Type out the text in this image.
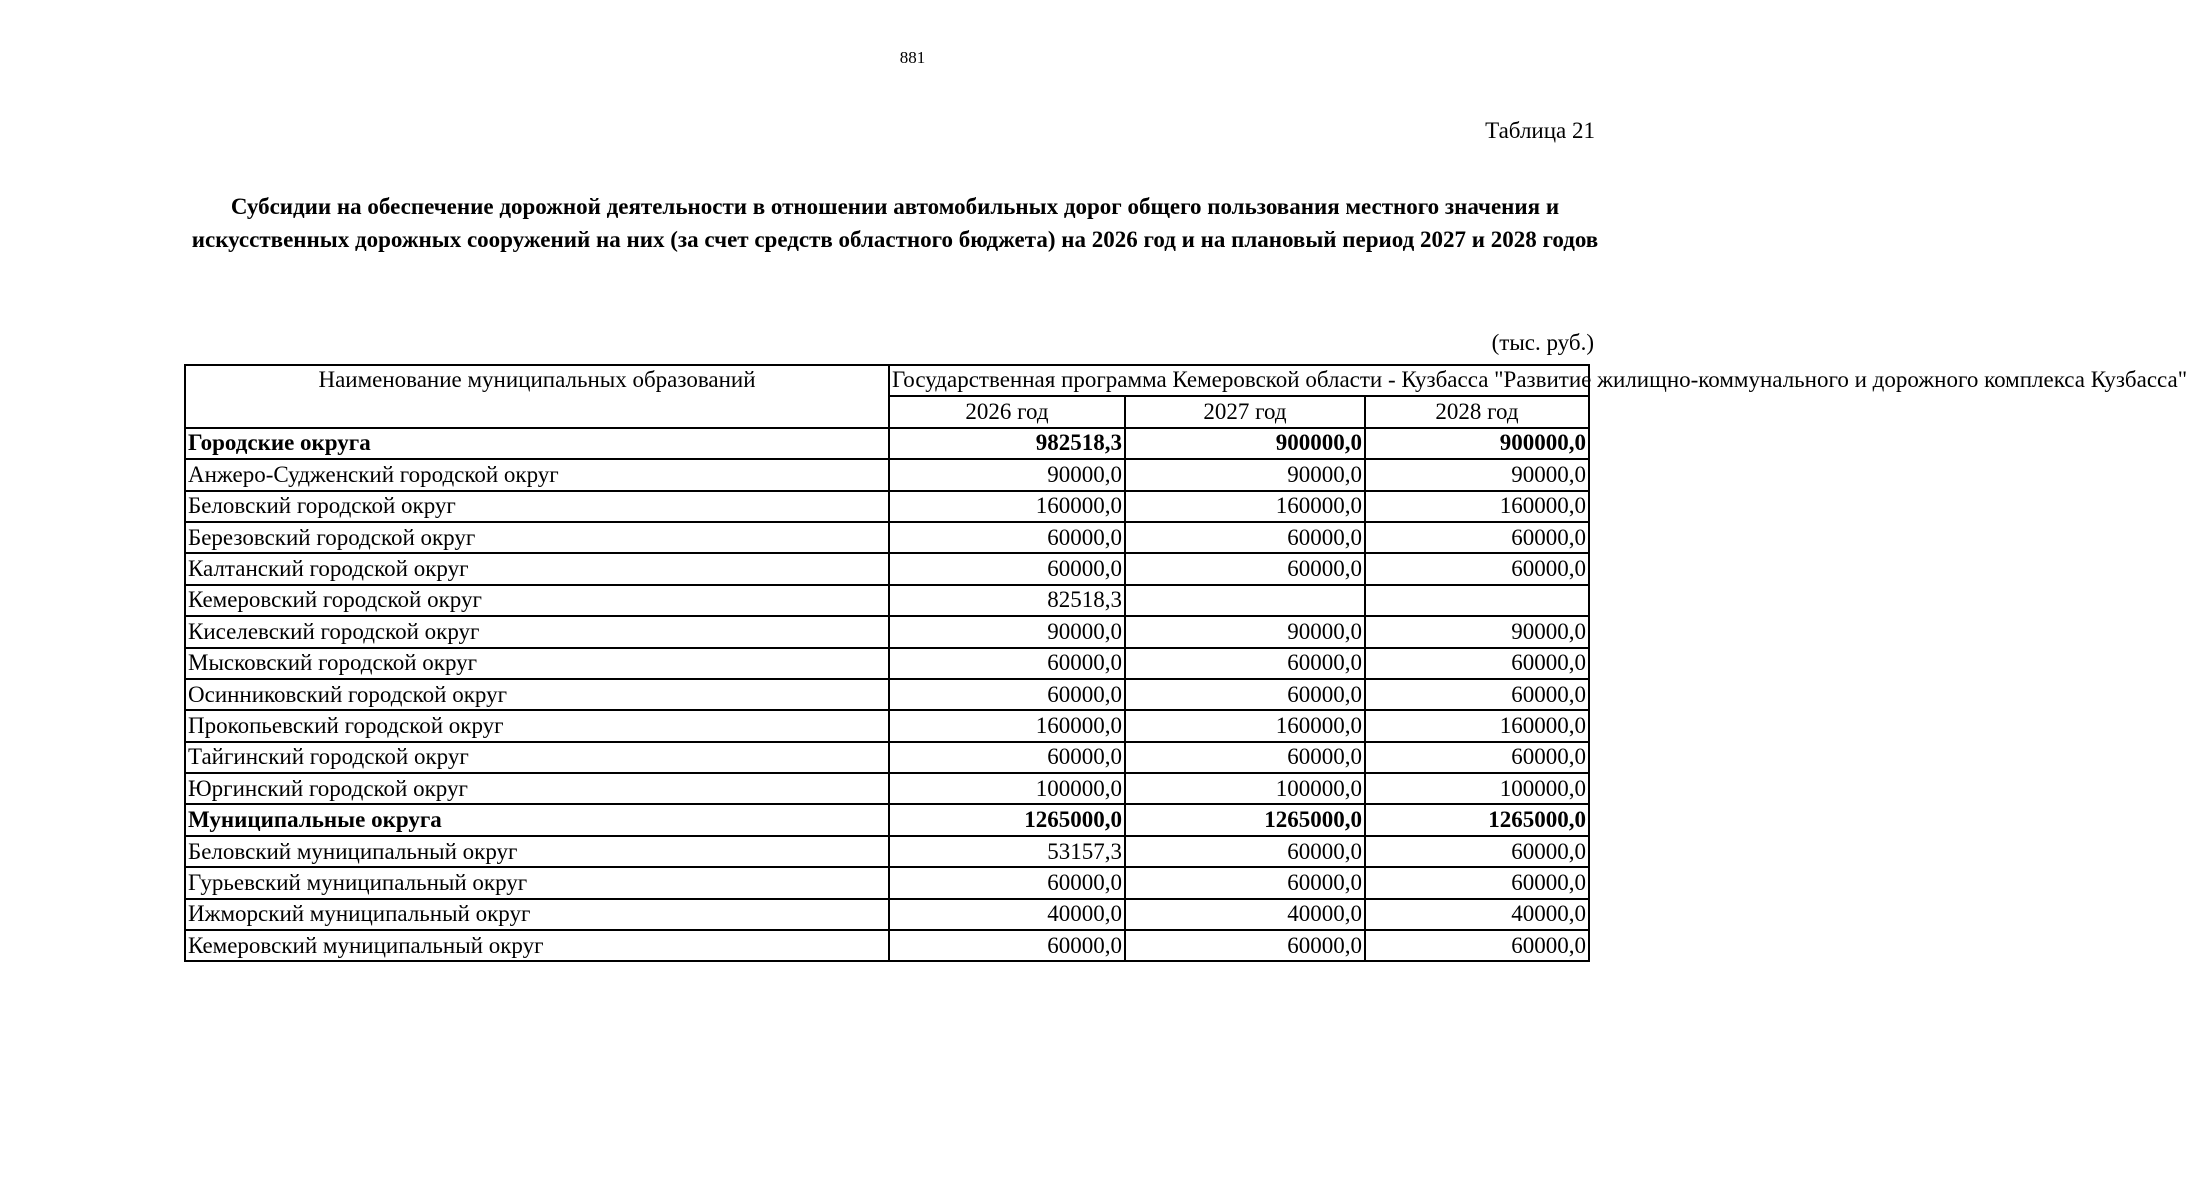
881
Таблица 21
Субсидии на обеспечение дорожной деятельности в отношении автомобильных дорог общего пользования местного значения и искусственных дорожных сооружений на них (за счет средств областного бюджета) на 2026 год и на плановый период 2027 и 2028 годов
(тыс. руб.)
Наименование муниципальных образований	Государственная программа Кемеровской области - Кузбасса "Развитие жилищно-коммунального и дорожного комплекса Кузбасса"		
	2026 год	2027 год	2028 год
Городские округа	982518,3	900000,0	900000,0
Анжеро-Судженский городской округ	90000,0	90000,0	90000,0
Беловский городской округ	160000,0	160000,0	160000,0
Березовский городской округ	60000,0	60000,0	60000,0
Калтанский городской округ	60000,0	60000,0	60000,0
Кемеровский городской округ	82518,3		
Киселевский городской округ	90000,0	90000,0	90000,0
Мысковский городской округ	60000,0	60000,0	60000,0
Осинниковский городской округ	60000,0	60000,0	60000,0
Прокопьевский городской округ	160000,0	160000,0	160000,0
Тайгинский городской округ	60000,0	60000,0	60000,0
Юргинский городской округ	100000,0	100000,0	100000,0
Муниципальные округа	1265000,0	1265000,0	1265000,0
Беловский муниципальный округ	53157,3	60000,0	60000,0
Гурьевский муниципальный округ	60000,0	60000,0	60000,0
Ижморский муниципальный округ	40000,0	40000,0	40000,0
Кемеровский муниципальный округ	60000,0	60000,0	60000,0
